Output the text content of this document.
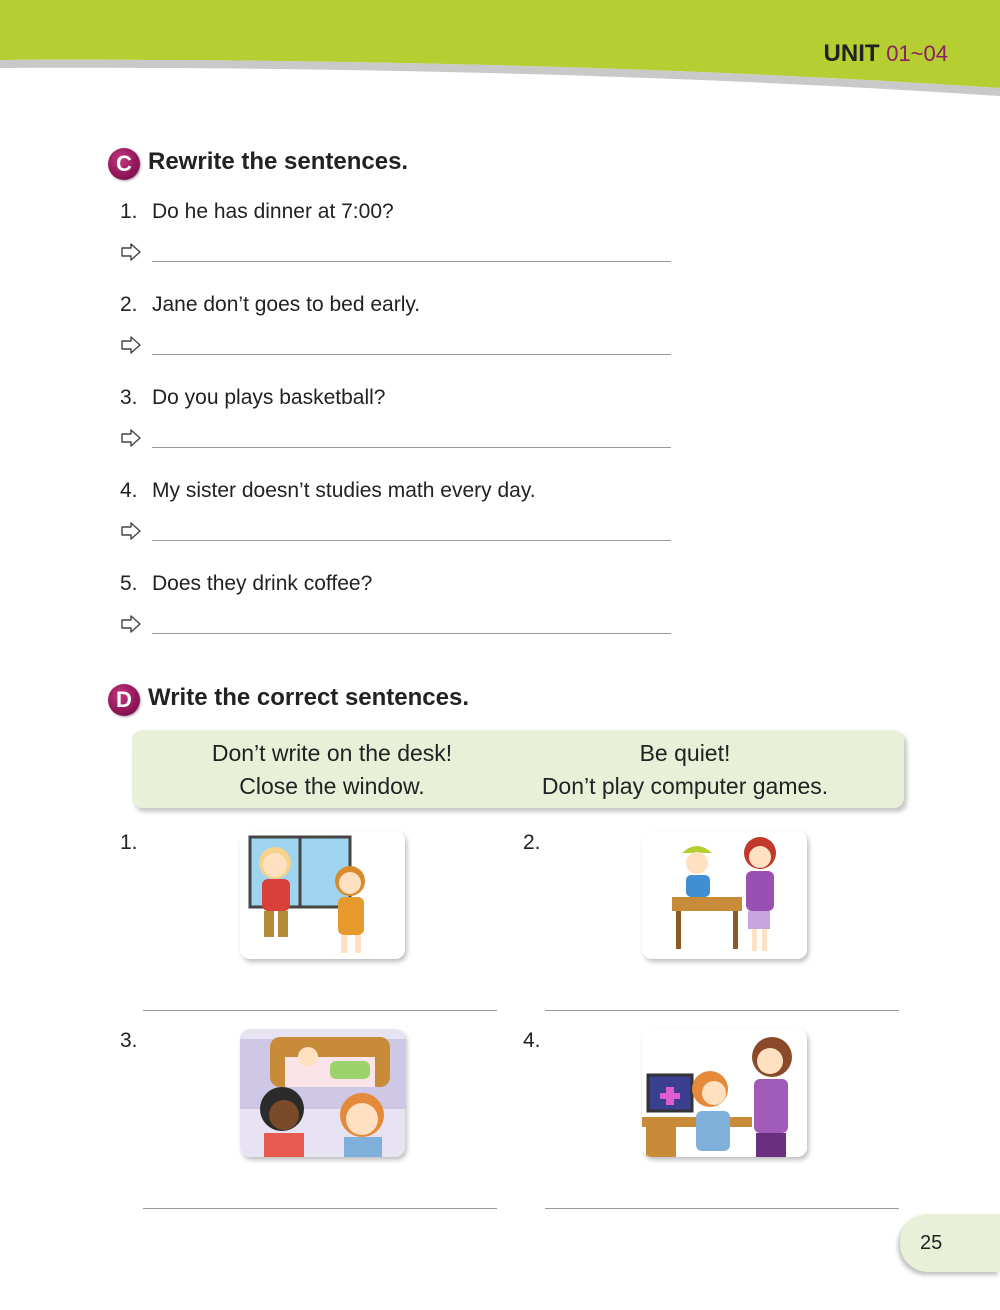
UNIT 01~04
C Rewrite the sentences.
1. Do he has dinner at 7:00?
2. Jane don’t goes to bed early.
3. Do you plays basketball?
4. My sister doesn’t studies math every day.
5. Does they drink coffee?
D Write the correct sentences.
Don’t write on the desk!	Be quiet!
Close the window.	Don’t play computer games.
1.	2.
3.	4.
25
